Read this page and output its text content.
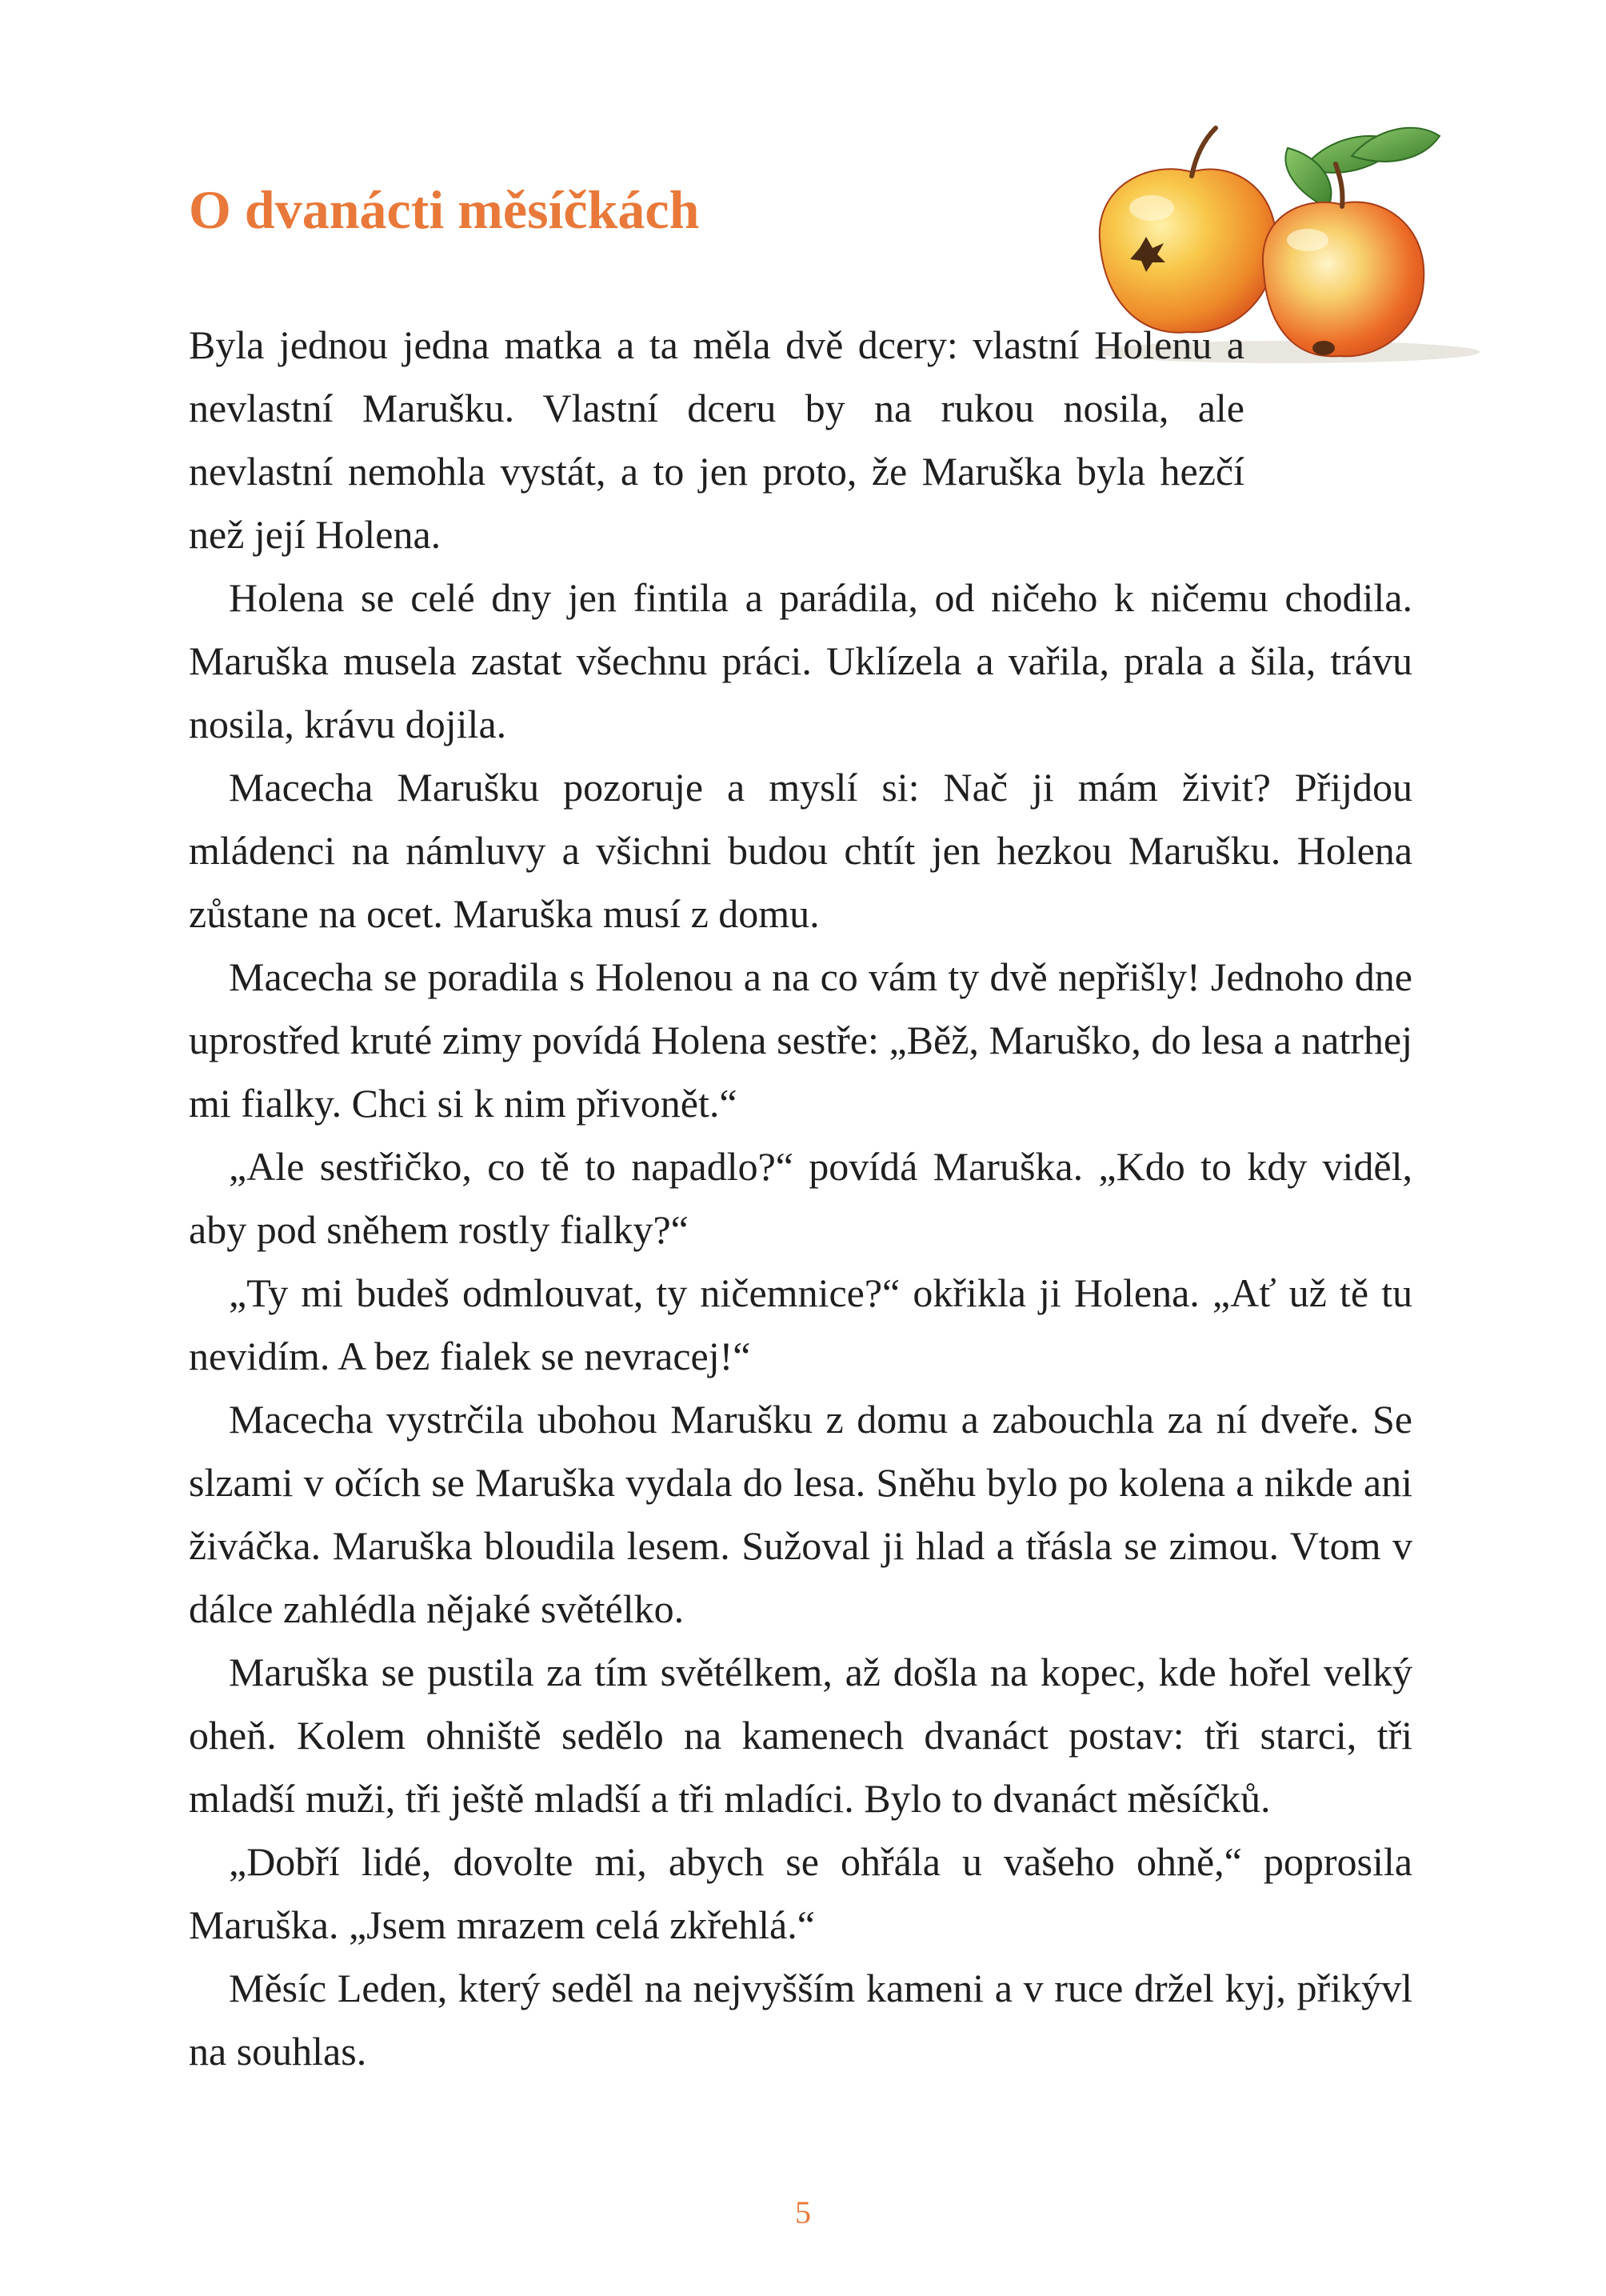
O dvanácti měsíčkách

Byla jednou jedna matka a ta měla dvě dcery: vlastní Holenu a nevlastní Marušku. Vlastní dceru by na rukou nosila, ale nevlastní nemohla vystát, a to jen proto, že Maruška byla hezčí než její Holena.

Holena se celé dny jen fintila a parádila, od ničeho k ničemu chodila. Maruška musela zastat všechnu práci. Uklízela a vařila, prala a šila, trávu nosila, krávu dojila.

Macecha Marušku pozoruje a myslí si: Nač ji mám živit? Přijdou mládenci na námluvy a všichni budou chtít jen hezkou Marušku. Holena zůstane na ocet. Maruška musí z domu.

Macecha se poradila s Holenou a na co vám ty dvě nepřišly! Jednoho dne uprostřed kruté zimy povídá Holena sestře: „Běž, Maruško, do lesa a natrhej mi fialky. Chci si k nim přivonět.“

„Ale sestřičko, co tě to napadlo?“ povídá Maruška. „Kdo to kdy viděl, aby pod sněhem rostly fialky?“

„Ty mi budeš odmlouvat, ty ničemnice?“ okřikla ji Holena. „Ať už tě tu nevidím. A bez fialek se nevracej!“

Macecha vystrčila ubohou Marušku z domu a zabouchla za ní dveře. Se slzami v očích se Maruška vydala do lesa. Sněhu bylo po kolena a nikde ani živáčka. Maruška bloudila lesem. Sužoval ji hlad a třásla se zimou. Vtom v dálce zahlédla nějaké světélko.

Maruška se pustila za tím světélkem, až došla na kopec, kde hořel velký oheň. Kolem ohniště sedělo na kamenech dvanáct postav: tři starci, tři mladší muži, tři ještě mladší a tři mladíci. Bylo to dvanáct měsíčků.

„Dobří lidé, dovolte mi, abych se ohřála u vašeho ohně,“ poprosila Maruška. „Jsem mrazem celá zkřehlá.“

Měsíc Leden, který seděl na nejvyšším kameni a v ruce držel kyj, přikývl na souhlas.

5
